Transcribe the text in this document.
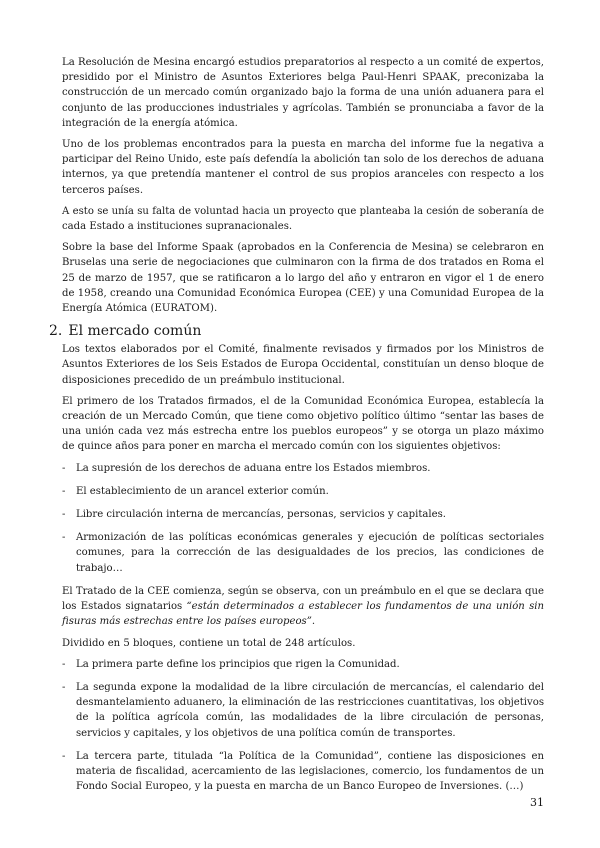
La Resolución de Mesina encargó estudios preparatorios al respecto a un comité de expertos, presidido por el Ministro de Asuntos Exteriores belga Paul-Henri SPAAK, preconizaba la construcción de un mercado común organizado bajo la forma de una unión aduanera para el conjunto de las producciones industriales y agrícolas. También se pronunciaba a favor de la integración de la energía atómica.

Uno de los problemas encontrados para la puesta en marcha del informe fue la negativa a participar del Reino Unido, este país defendía la abolición tan solo de los derechos de aduana internos, ya que pretendía mantener el control de sus propios aranceles con respecto a los terceros países.

A esto se unía su falta de voluntad hacia un proyecto que planteaba la cesión de soberanía de cada Estado a instituciones supranacionales.

Sobre la base del Informe Spaak (aprobados en la Conferencia de Mesina) se celebraron en Bruselas una serie de negociaciones que culminaron con la firma de dos tratados en Roma el 25 de marzo de 1957, que se ratificaron a lo largo del año y entraron en vigor el 1 de enero de 1958, creando una Comunidad Económica Europea (CEE) y una Comunidad Europea de la Energía Atómica (EURATOM).

2. El mercado común

Los textos elaborados por el Comité, finalmente revisados y firmados por los Ministros de Asuntos Exteriores de los Seis Estados de Europa Occidental, constituían un denso bloque de disposiciones precedido de un preámbulo institucional.

El primero de los Tratados firmados, el de la Comunidad Económica Europea, establecía la creación de un Mercado Común, que tiene como objetivo político último “sentar las bases de una unión cada vez más estrecha entre los pueblos europeos” y se otorga un plazo máximo de quince años para poner en marcha el mercado común con los siguientes objetivos:

- La supresión de los derechos de aduana entre los Estados miembros.
- El establecimiento de un arancel exterior común.
- Libre circulación interna de mercancías, personas, servicios y capitales.
- Armonización de las políticas económicas generales y ejecución de políticas sectoriales comunes, para la corrección de las desigualdades de los precios, las condiciones de trabajo…

El Tratado de la CEE comienza, según se observa, con un preámbulo en el que se declara que los Estados signatarios “están determinados a establecer los fundamentos de una unión sin fisuras más estrechas entre los países europeos”.

Dividido en 5 bloques, contiene un total de 248 artículos.

- La primera parte define los principios que rigen la Comunidad.
- La segunda expone la modalidad de la libre circulación de mercancías, el calendario del desmantelamiento aduanero, la eliminación de las restricciones cuantitativas, los objetivos de la política agrícola común, las modalidades de la libre circulación de personas, servicios y capitales, y los objetivos de una política común de transportes.
- La tercera parte, titulada “la Política de la Comunidad”, contiene las disposiciones en materia de fiscalidad, acercamiento de las legislaciones, comercio, los fundamentos de un Fondo Social Europeo, y la puesta en marcha de un Banco Europeo de Inversiones. (…)
31
